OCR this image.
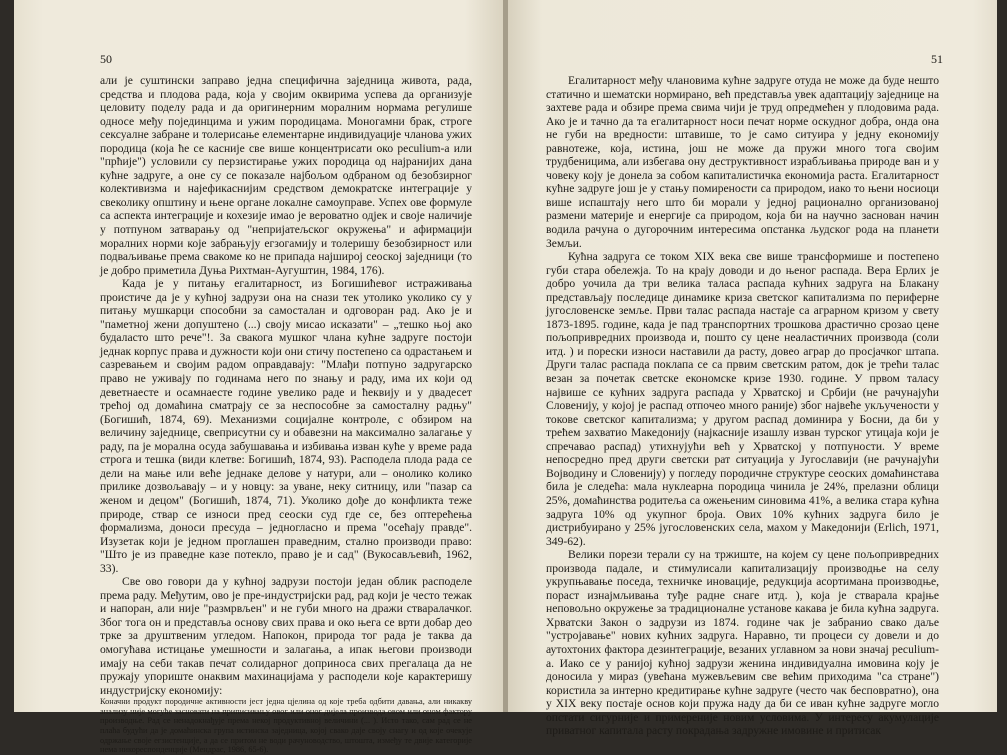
50

али је суштински заправо једна специфична заједница живота, рада, средства и плодова рада, која у своjим оквирима успева да организује целовиту поделу рада и да оригинерним моралним нормама регулише односе међу појединцима и ужим породицама. Моногамни брак, строге сексуалне забране и толерисање елементарне индивидуације чланова ужих породица (која ће се касније све више концентрисати око peculium-a или "прћије") условили су перзистирање ужих породица од најранијих дана кућне задруге, а оне су се показале најбољом одбраном од безобзирног колективизма и најефикаснијим средством демократске интеграције у свеколику општину и њене органе локалне самоуправе. Успех ове формуле са аспекта интеграције и кохезије имао је вероватно одјек и своје наличије у потпуном затварању од "непријатељског окружења" и афирмацији моралних норми које забрањују егзогамију и толеришу безобзирност или подваљивање према свакоме ко не припада најширој сеоској заједници (то је добро приметила Дуња Рихтман-Аугуштин, 1984, 176).

Када је у питању егалитарност, из Богишићевог истраживања проистиче да је у кућној задрузи она на снази тек утолико уколико су у питању мушкарци способни за самосталан и одговоран рад. Ако је и "паметној жени допуштено (...) своју мисао исказати" – „тешко њој ако будаласто што рече"!. За свакога мушког члана кућне задруге постоји једнак корпус права и дужности који они стичу постепено са одрастањем и сазревањем и својим радом оправдавају: "Млађи потпуно задругарско право не уживају по годинама него по знању и раду, има их који од деветнаесте и осамнаесте године увелико раде и ћеквију и у двадесет трећој од домаћина сматрају се за неспособне за самосталну радњу" (Богишић, 1874, 69). Механизми социјалне контроле, с обзиром на величину заједнице, свеприсутни су и обавезни на максимално залагање у раду, па је морална осуда забушавања и избивања изван куће у време рада строга и тешка (види клетве: Богишић, 1874, 93). Расподела плода рада се дели на мање или веће једнаке делове у натури, али – онолико колико прилике дозвољавају – и у новцу: за уване, неку ситницу, или "пазар са женом и децом" (Богишић, 1874, 71). Уколико дође до конфликта теже природе, ствар се износи пред сеоски суд где се, без оптерећења формализма, доноси пресуда – једногласно и према "осећају правде". Изузетак који је једном проглашен праведним, стално производи право: "Што је из праведне казе потекло, право је и сад" (Вукосављевић, 1962, 33).

Све ово говори да у кућној задрузи постоји један облик расподеле према раду. Међутим, ово је пре-индустријски рад, рад који је често тежак и напоран, али није "размрвљен" и не губи много на дражи стваралачког. Због тога он и представља основу свих права и око њега се врти добар део трке за друштвеним угледом. Напокон, природа тог рада је таква да омогућава истицање умешности и залагања, а ипак његови производи имају на себи такав печат солидарног доприноса свих прегалаца да не пружају упориште онаквим махинацијама у расподели које карактеришу индустријску економију:

Коначни продукт породичне активности јест једна цјелина од које треба одбити давања, али никакву анализу није могуће засновати на приписивању овог или оног дијела производа овом или оном фактору производње. Рад се ненадокнађује према некој продуктивној величини (... ). Исто тако, сам рад се не плаћа будући да је домаћинска група истинска заједница, којој свако даје своју снагу и од које очекује одржање својe егзистенције, а да се притом не води рачуноводство, штошта, између те двије категорије нема никорeспонденције (Мендрас, 1986, 65-6).

51

Егалитарност међу члановима кућне задруге отуда не може да буде нешто статично и шематски нормирано, већ представља увек адаптацију заједнице на захтеве рада и обзире према свима чији је труд опредмећен у плодовима рада. Ако је и тачно да та егалитарност носи печат норме оскудног добра, онда она не губи на вредности: штавише, то је само ситуира у једну економију равнотеже, која, истина, још не може да пружи много тога својим трудбеницима, али избегава ону деструктивност израбљивања природе ван и у човеку коју је донела за собом капиталистичка економија раста. Егалитарност кућне задруге још је у стању помирености са природом, иако то њени носиоци више испаштају него што би морали у једној рационално организованој размени материје и енергије са природом, која би на научно заснован начин водила рачуна о дугорочним интересима опстанка људског рода на планети Земљи.

Кућна задруга се током XIX века све више трансформише и постепено губи стара обележја. То на крају доводи и до њеног распада. Вера Ерлих је добро уочила да три велика таласа распада кућних задруга на Блакану представљају последице динамике криза светског капитализма по периферне југословенске земље. Први талас распада настаје са аграрном кризом у свету 1873-1895. године, када је пад транспортних трошкова драстично срозао цене пољопривредних производа и, пошто су цене неаластичних производа (соли итд. ) и порески износи наставили да расту, довео аграр до просјачког штапа. Други талас распада поклапа се са првим светским ратом, док је трећи талас везан за почетак светске економске кризе 1930. године. У првом таласу највише се кућних задруга распада у Хрватској и Србији (не рачунајући Словенију, у којој је распад отпочео много раније) због највеће укључености у токове светског капитализма; у другом распад доминира у Босни, да би у трећем захватио Македонију (најкасније изашлу изван турског утицаја који је спречавао распад) утихнујући већ у Хрватској у потпуности. У време непосредно пред други светски рат ситуација у Југославији (не рачунајући Војводину и Словенију) у погледу породичне структуре сеоских домаћинстава била је следећа: мала нуклеарна породица чинила је 24%, прелазни облици 25%, домаћинства родитеља са ожењеним синовима 41%, а велика стара кућна задруга 10% од укупног броја. Ових 10% кућних задруга било је дистрибуирано у 25% југословенских села, махом у Македонији (Erlich, 1971, 349-62).

Велики порези терали су на тржиште, на којем су цене пољопривредних производа падале, и стимулисали капитализацију производње на селу укрупњавање поседа, техничке иновације, редукција асортимана производње, пораст изнајмљивања туђе радне снаге итд. ), која је стварала крајње неповољно окружење за традиционалне установе какава је била кућна задруга. Хрватски Закон о задрузи из 1874. године чак је забранио свако даље "устројавање" нових кућних задруга. Наравно, ти процеси су довели и до аутохтоних фактора дезинтеграције, везаних углавном за нови значај peculium-a. Иако се у ранијој кућној задрузи женина индивидуална имовина коју је доносила у мираз (увећана мужевљевим све већим приходима "са стране") користила за интерно кредитирање кућне задруге (често чак бесповратно), она у XIX веку постаје основ који пружа наду да би се иван кућне задруге могло опстати сигурније и примереније новим условима. У интересу акумулације приватног капитала расту покрадања задружне имовине и притисак
